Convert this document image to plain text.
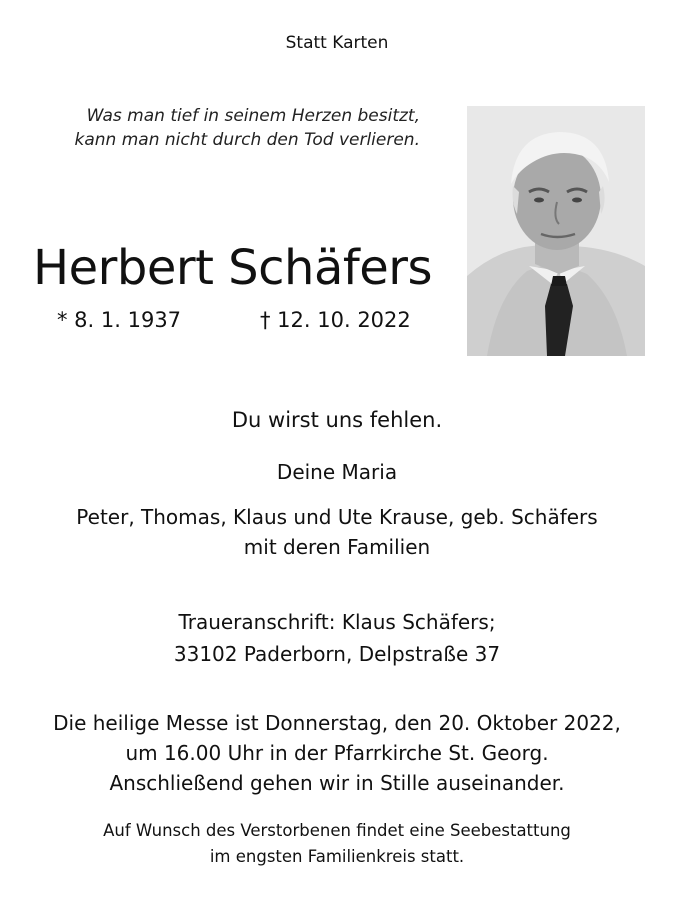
Statt Karten
Was man tief in seinem Herzen besitzt,
kann man nicht durch den Tod verlieren.
Herbert Schäfers
* 8. 1. 1937	† 12. 10. 2022
Du wirst uns fehlen.
Deine Maria
Peter, Thomas, Klaus und Ute Krause, geb. Schäfers
mit deren Familien
Traueranschrift: Klaus Schäfers;
33102 Paderborn, Delpstraße 37
Die heilige Messe ist Donnerstag, den 20. Oktober 2022,
um 16.00 Uhr in der Pfarrkirche St. Georg.
Anschließend gehen wir in Stille auseinander.
Auf Wunsch des Verstorbenen findet eine Seebestattung
im engsten Familienkreis statt.
